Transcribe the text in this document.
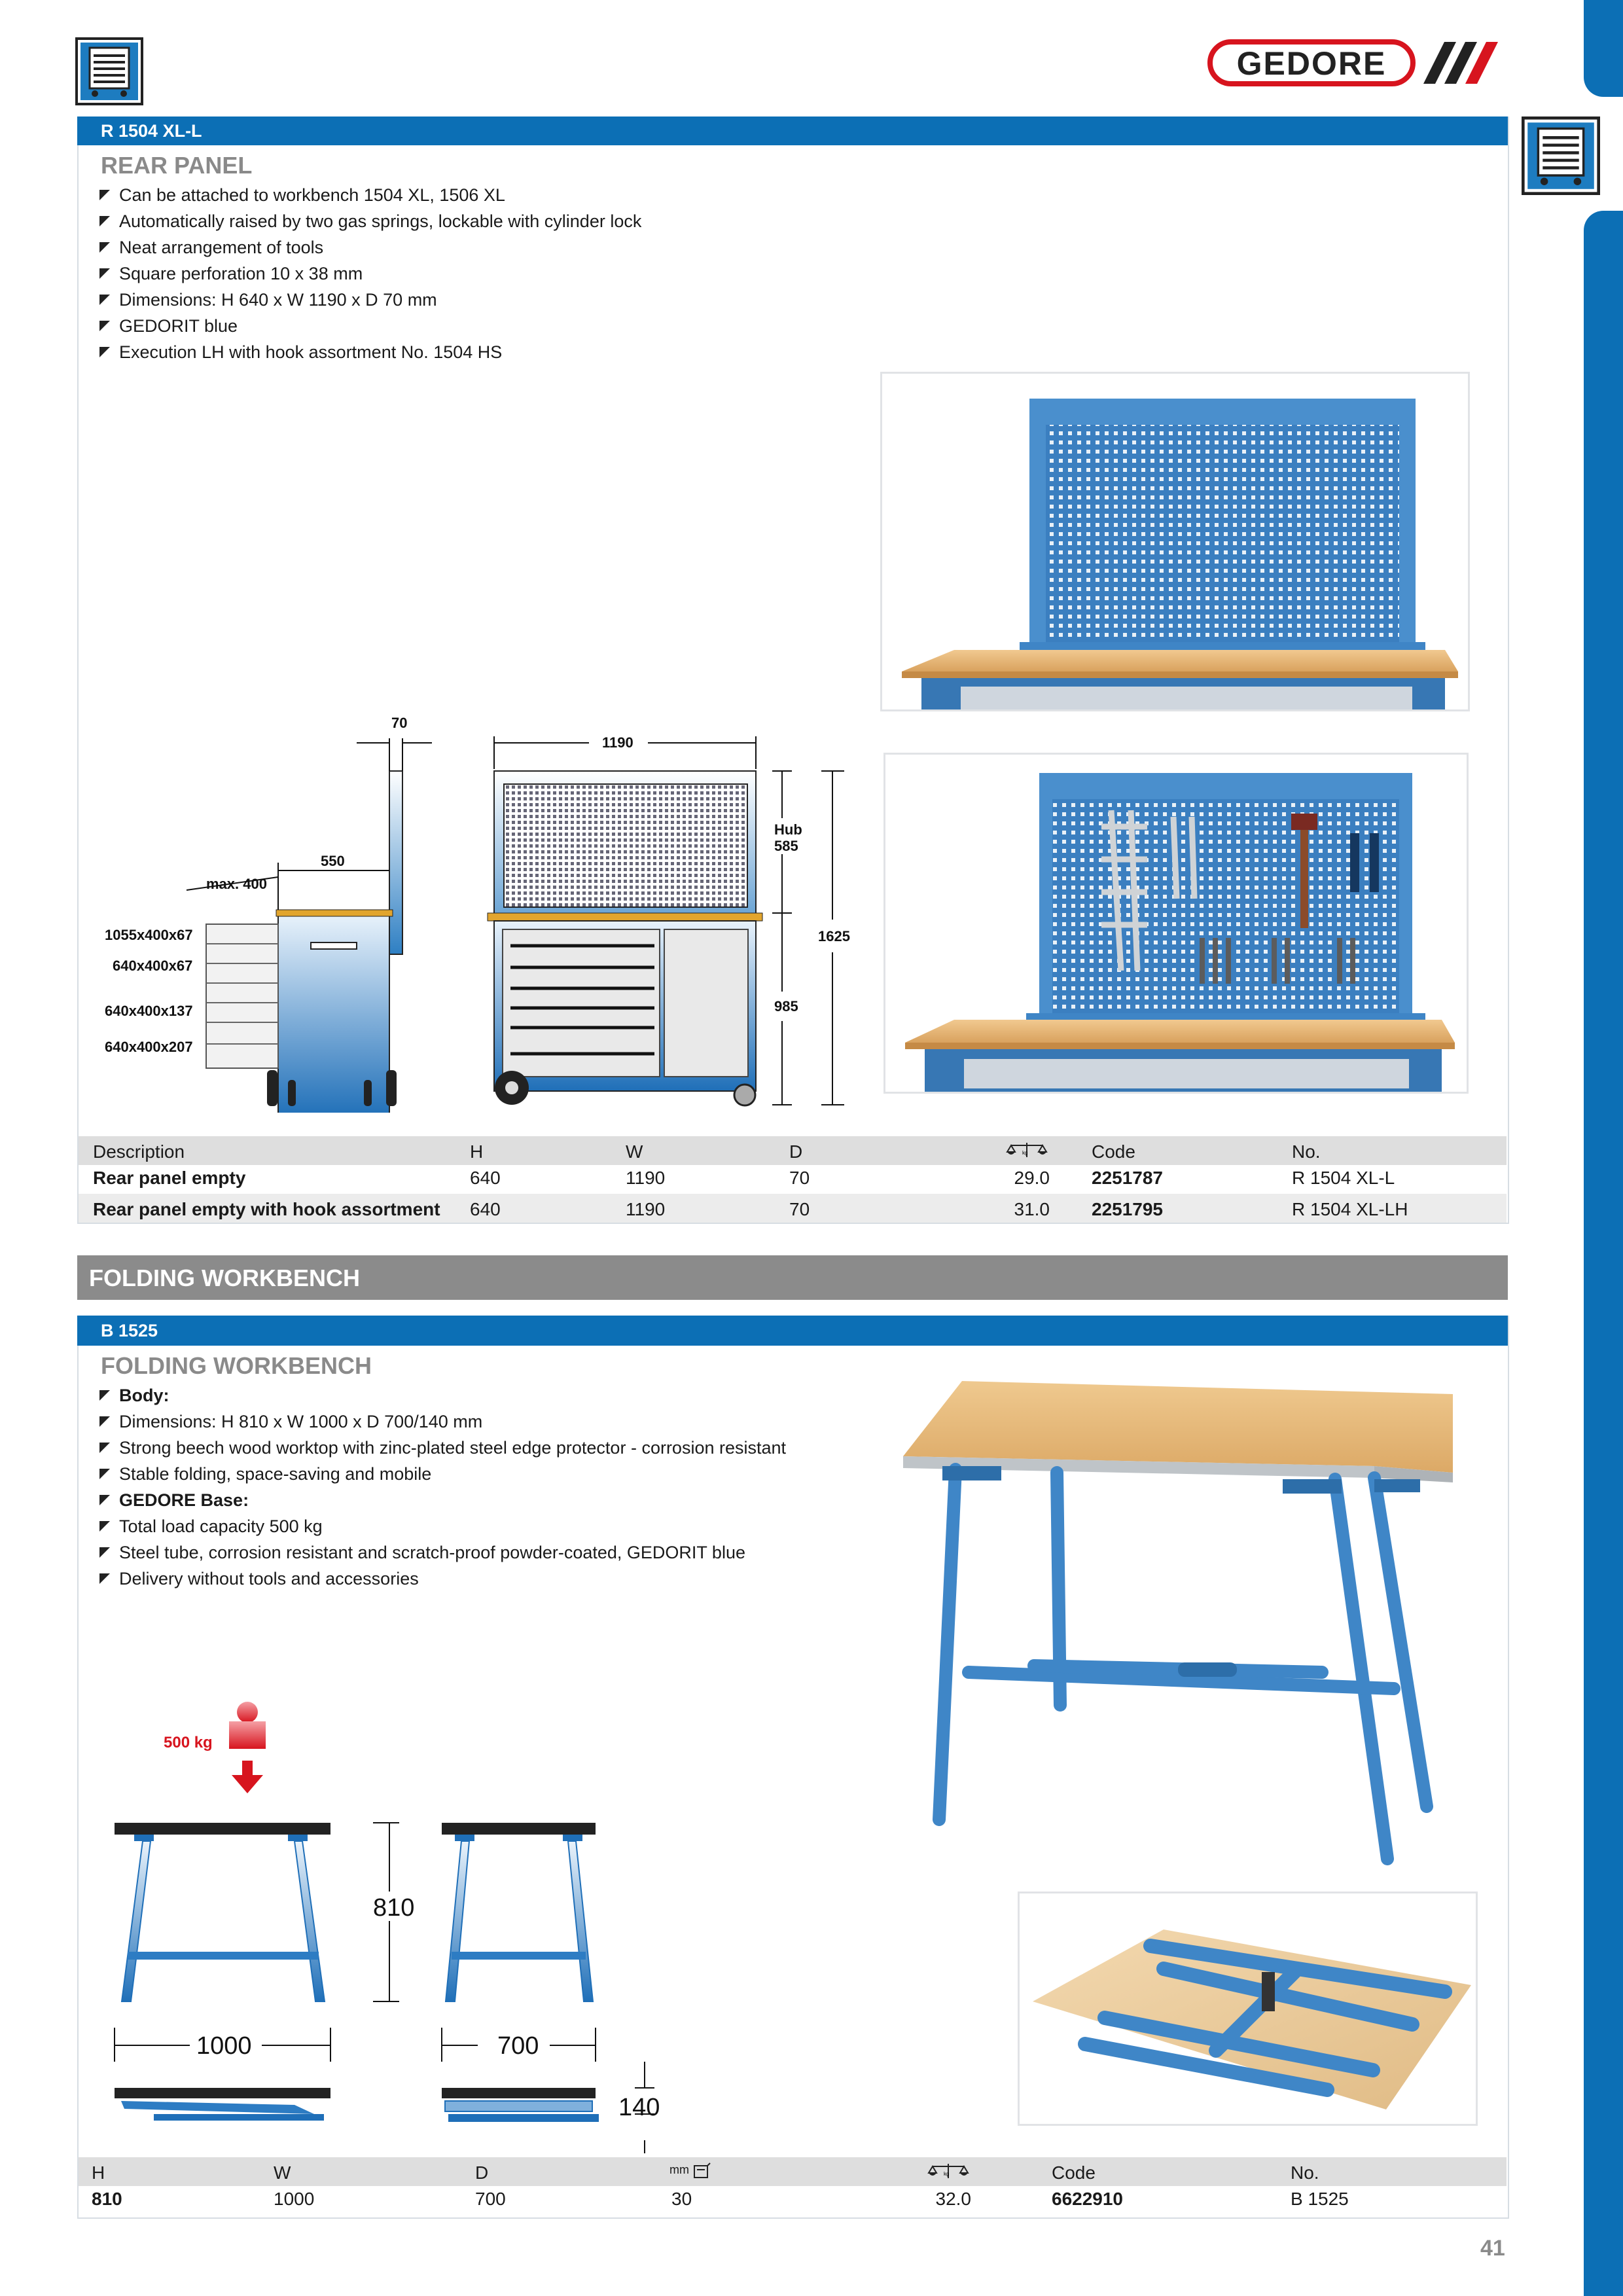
GEDORE
R 1504 XL-L
REAR PANEL
Can be attached to workbench 1504 XL, 1506 XL
Automatically raised by two gas springs, lockable with cylinder lock
Neat arrangement of tools
Square perforation 10 x 38 mm
Dimensions: H 640 x W 1190 x D 70 mm
GEDORIT blue
Execution LH with hook assortment No. 1504 HS
70
550
max. 400
1055x400x67
640x400x67
640x400x137
640x400x207
1190
Hub
585
1625
985
Description	H	W	D	kg	Code	No.
Rear panel empty	640	1190	70	29.0 2251787	R 1504 XL-L
Rear panel empty with hook assortment 640	1190	70	31.0 2251795	R 1504 XL-LH
FOLDING WORKBENCH
B 1525
FOLDING WORKBENCH
Body:
Dimensions: H 810 x W 1000 x D 700/140 mm
Strong beech wood worktop with zinc-plated steel edge protector - corrosion resistant
Stable folding, space-saving and mobile
GEDORE Base:
Total load capacity 500 kg
Steel tube, corrosion resistant and scratch-proof powder-coated, GEDORIT blue
Delivery without tools and accessories
500 kg
810
1000	700
140
H	W	D	mm	kg	Code	No.
810	1000	700	30	32.0	6622910	B 1525
41
